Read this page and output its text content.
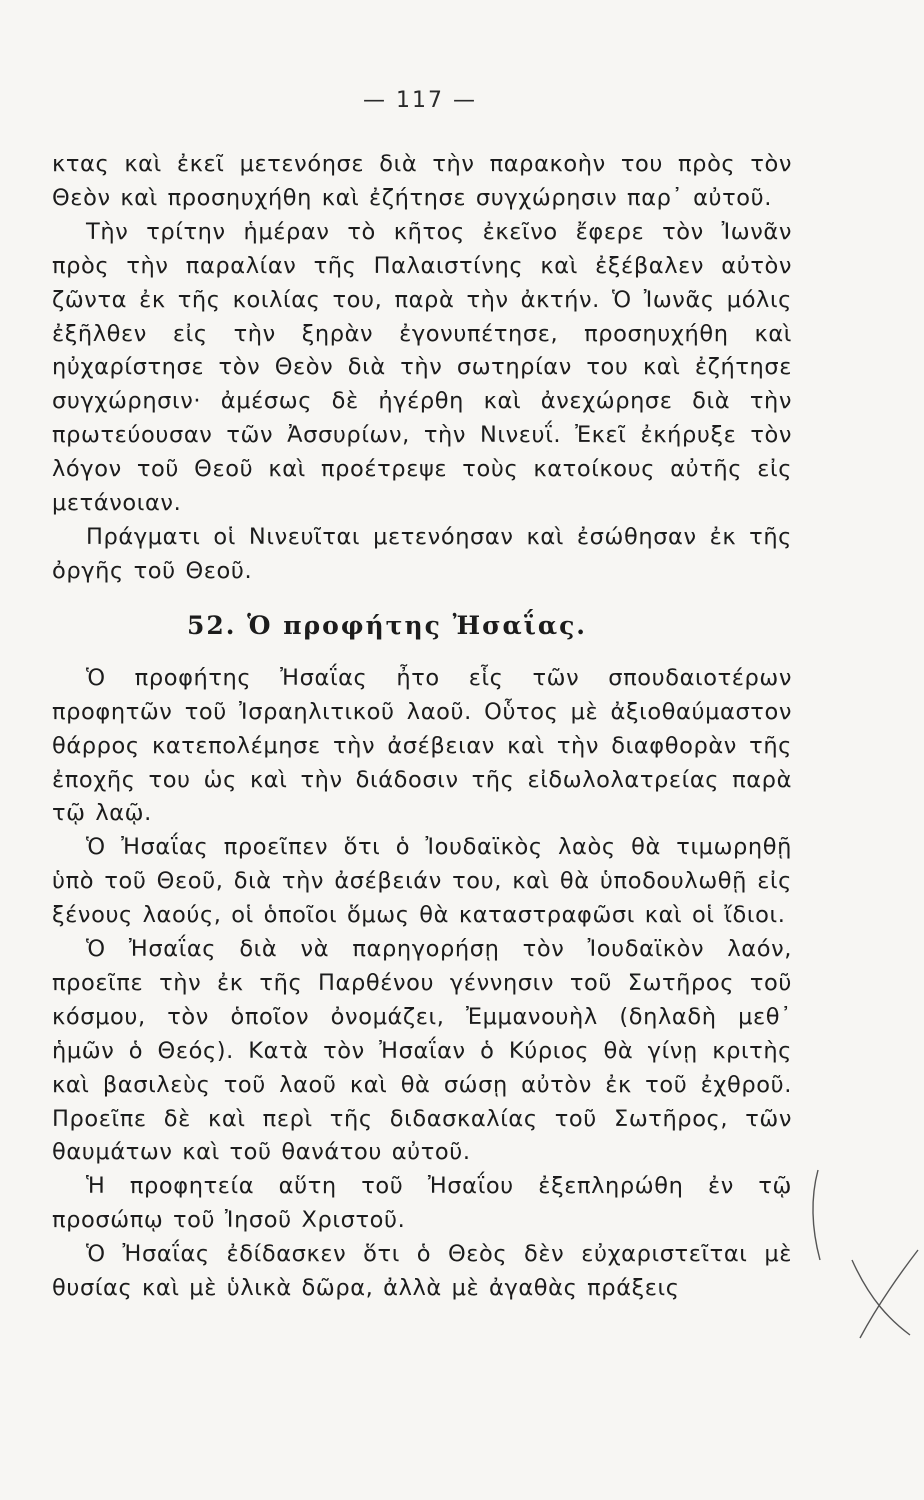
— 117 —

κτας καὶ ἐκεῖ μετενόησε διὰ τὴν παρακοὴν του πρὸς τὸν Θεὸν καὶ προσηυχήθη καὶ ἐζήτησε συγχώρησιν παρ᾽ αὐτοῦ.

Τὴν τρίτην ἡμέραν τὸ κῆτος ἐκεῖνο ἔφερε τὸν Ἰωνᾶν πρὸς τὴν παραλίαν τῆς Παλαιστίνης καὶ ἐξέβαλεν αὐτὸν ζῶντα ἐκ τῆς κοιλίας του, παρὰ τὴν ἀκτήν. Ὁ Ἰωνᾶς μόλις ἐξῆλθεν εἰς τὴν ξηρὰν ἐγονυπέτησε, προσηυχήθη καὶ ηὐχαρίστησε τὸν Θεὸν διὰ τὴν σωτηρίαν του καὶ ἐζήτησε συγχώρησιν· ἀμέσως δὲ ἠγέρθη καὶ ἀνεχώρησε διὰ τὴν πρωτεύουσαν τῶν Ἀσσυρίων, τὴν Νινευΐ. Ἐκεῖ ἐκήρυξε τὸν λόγον τοῦ Θεοῦ καὶ προέτρεψε τοὺς κατοίκους αὐτῆς εἰς μετάνοιαν.

Πράγματι οἱ Νινευῖται μετενόησαν καὶ ἐσώθησαν ἐκ τῆς ὀργῆς τοῦ Θεοῦ.

52. Ὁ προφήτης Ἠσαΐας.

Ὁ προφήτης Ἠσαΐας ἦτο εἷς τῶν σπουδαιοτέρων προφητῶν τοῦ Ἰσραηλιτικοῦ λαοῦ. Οὗτος μὲ ἀξιοθαύμαστον θάρρος κατεπολέμησε τὴν ἀσέβειαν καὶ τὴν διαφθορὰν τῆς ἐποχῆς του ὡς καὶ τὴν διάδοσιν τῆς εἰδωλολατρείας παρὰ τῷ λαῷ.

Ὁ Ἠσαΐας προεῖπεν ὅτι ὁ Ἰουδαϊκὸς λαὸς θὰ τιμωρηθῇ ὑπὸ τοῦ Θεοῦ, διὰ τὴν ἀσέβειάν του, καὶ θὰ ὑποδουλωθῇ εἰς ξένους λαούς, οἱ ὁποῖοι ὅμως θὰ καταστραφῶσι καὶ οἱ ἴδιοι.

Ὁ Ἠσαΐας διὰ νὰ παρηγορήσῃ τὸν Ἰουδαϊκὸν λαόν, προεῖπε τὴν ἐκ τῆς Παρθένου γέννησιν τοῦ Σωτῆρος τοῦ κόσμου, τὸν ὁποῖον ὀνομάζει, Ἐμμανουὴλ (δηλαδὴ μεθ᾽ ἡμῶν ὁ Θεός). Κατὰ τὸν Ἠσαΐαν ὁ Κύριος θὰ γίνῃ κριτὴς καὶ βασιλεὺς τοῦ λαοῦ καὶ θὰ σώσῃ αὐτὸν ἐκ τοῦ ἐχθροῦ. Προεῖπε δὲ καὶ περὶ τῆς διδασκαλίας τοῦ Σωτῆρος, τῶν θαυμάτων καὶ τοῦ θανάτου αὐτοῦ.

Ἡ προφητεία αὕτη τοῦ Ἠσαΐου ἐξεπληρώθη ἐν τῷ προσώπῳ τοῦ Ἰησοῦ Χριστοῦ.

Ὁ Ἠσαΐας ἐδίδασκεν ὅτι ὁ Θεὸς δὲν εὐχαριστεῖται μὲ θυσίας καὶ μὲ ὑλικὰ δῶρα, ἀλλὰ μὲ ἀγαθὰς πράξεις
